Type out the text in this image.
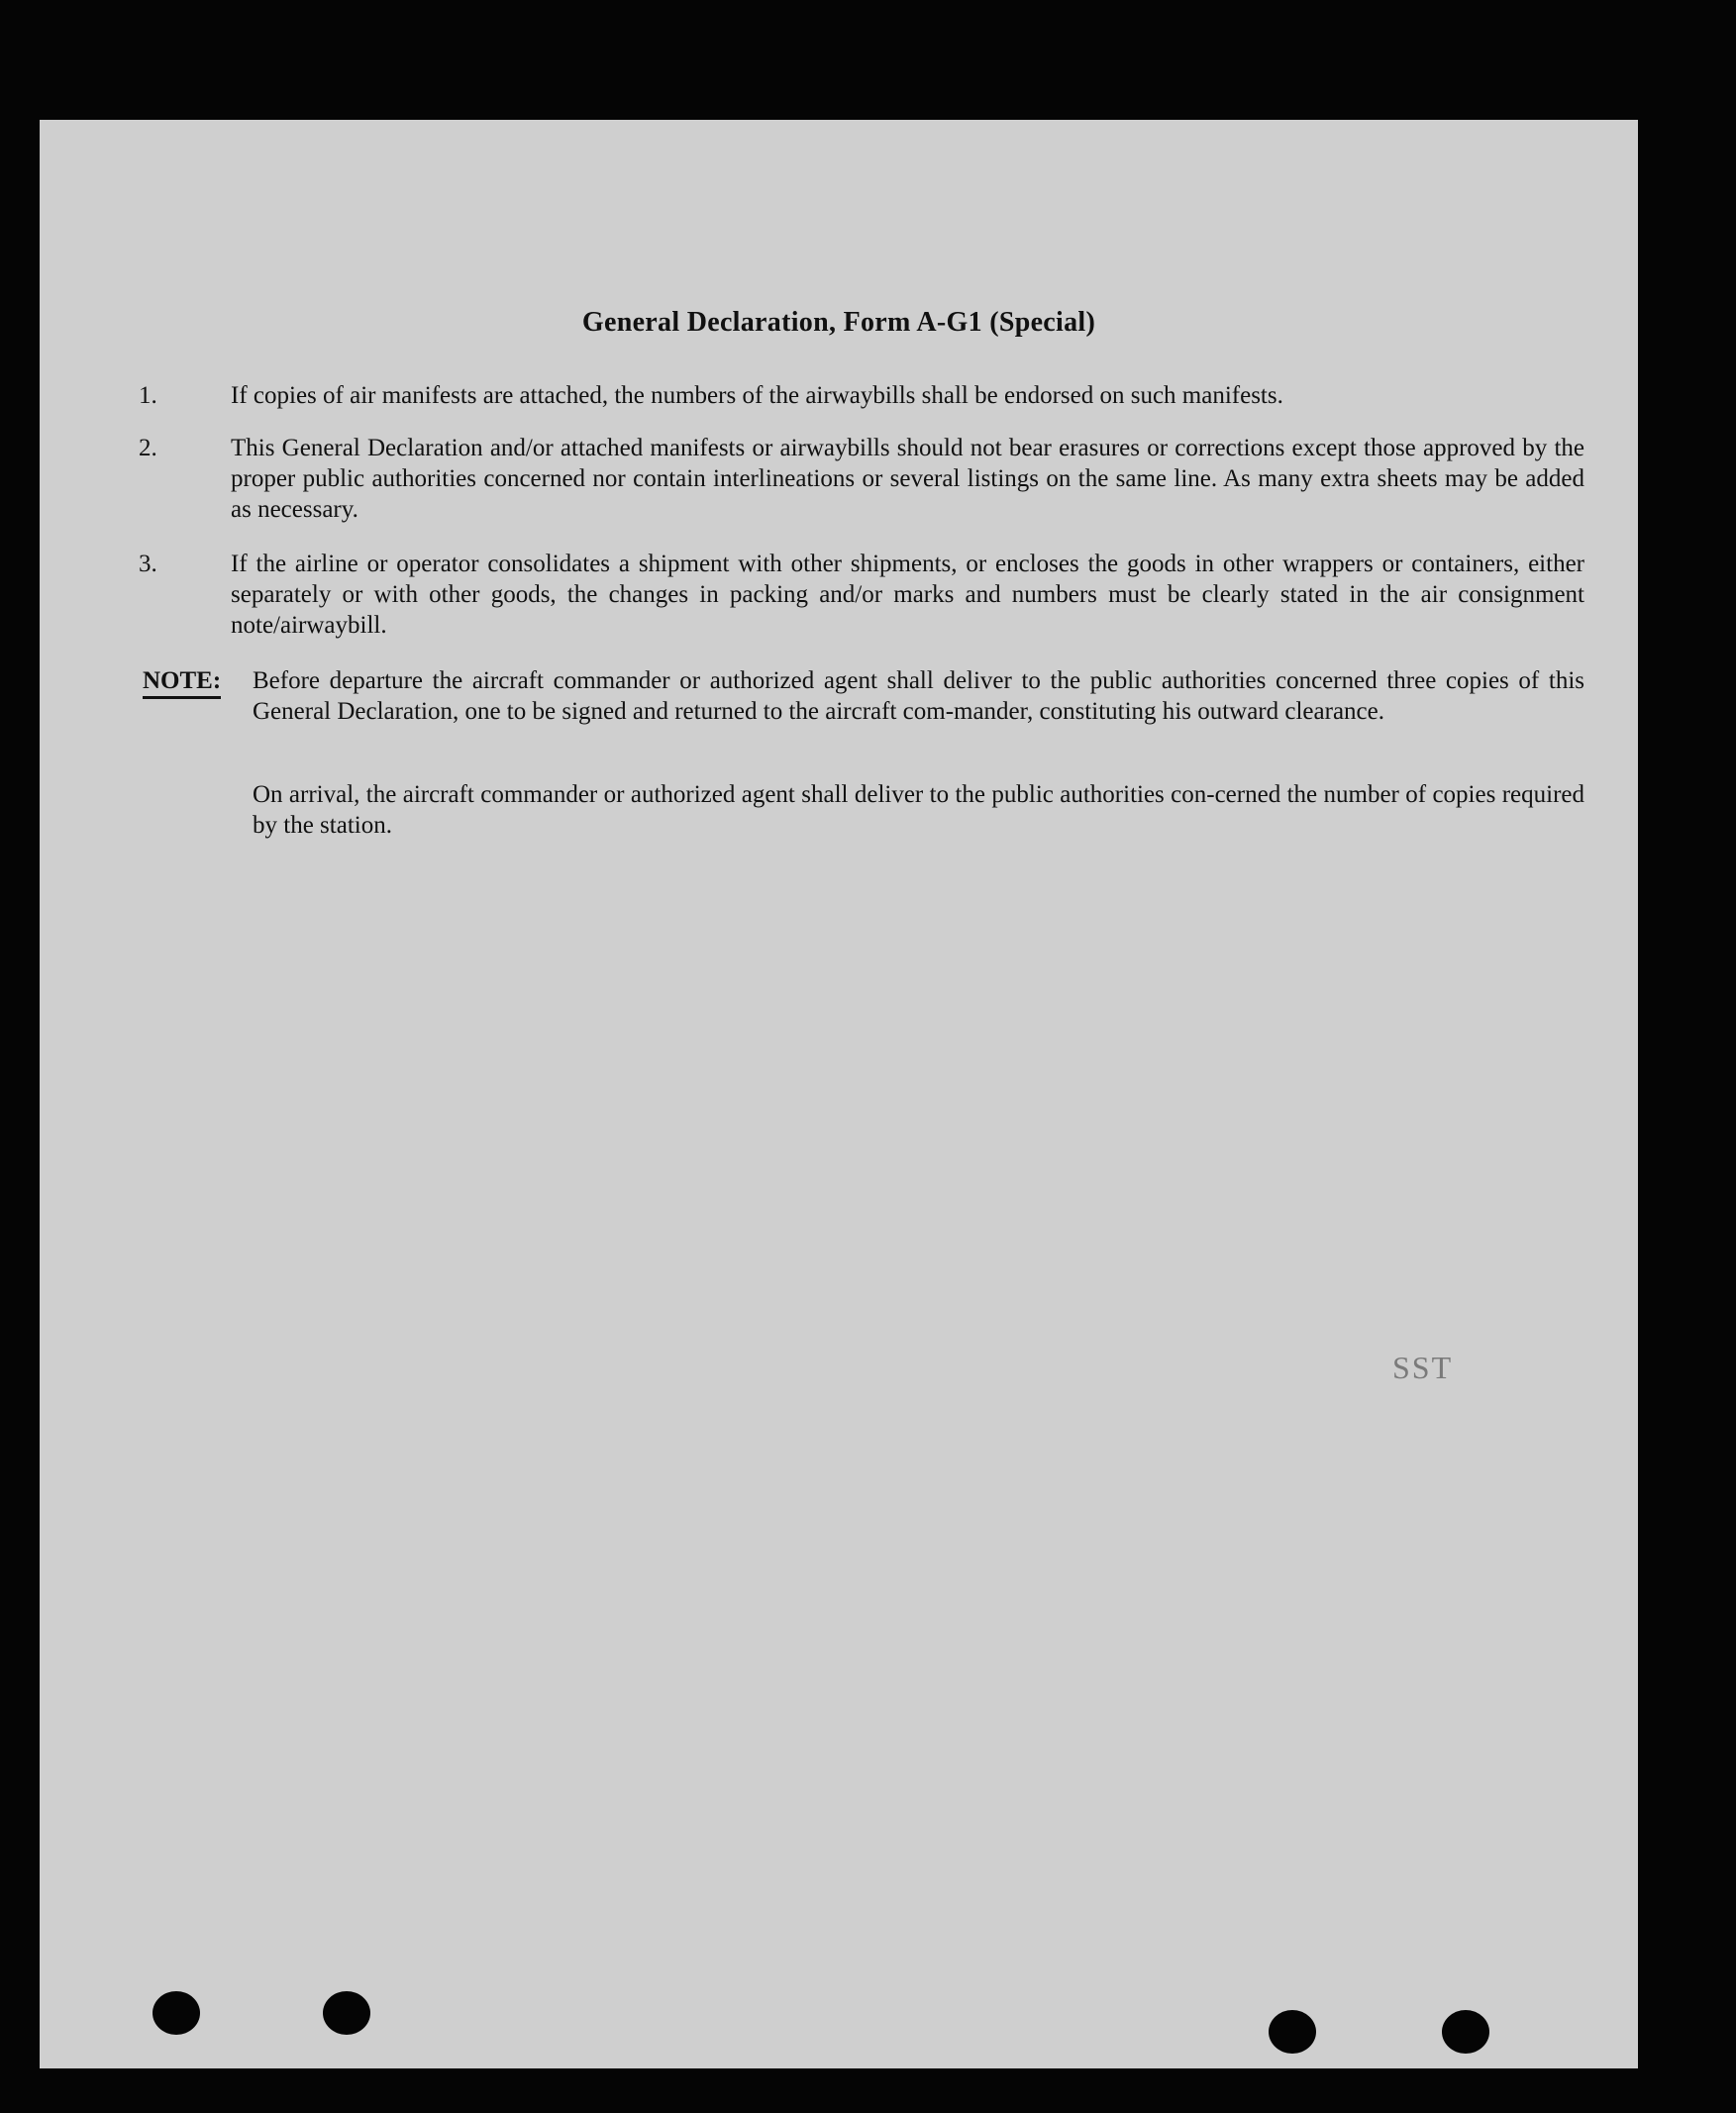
General Declaration, Form A-G1 (Special)
1.	If copies of air manifests are attached, the numbers of the airwaybills shall be endorsed on such manifests.
2.	This General Declaration and/or attached manifests or airwaybills should not bear erasures or corrections except those approved by the proper public authorities concerned nor contain interlineations or several listings on the same line. As many extra sheets may be added as necessary.
3.	If the airline or operator consolidates a shipment with other shipments, or encloses the goods in other wrappers or containers, either separately or with other goods, the changes in packing and/or marks and numbers must be clearly stated in the air consignment note/airwaybill.
NOTE: Before departure the aircraft commander or authorized agent shall deliver to the public authorities concerned three copies of this General Declaration, one to be signed and returned to the aircraft com-mander, constituting his outward clearance.
On arrival, the aircraft commander or authorized agent shall deliver to the public authorities con-cerned the number of copies required by the station.
SST
